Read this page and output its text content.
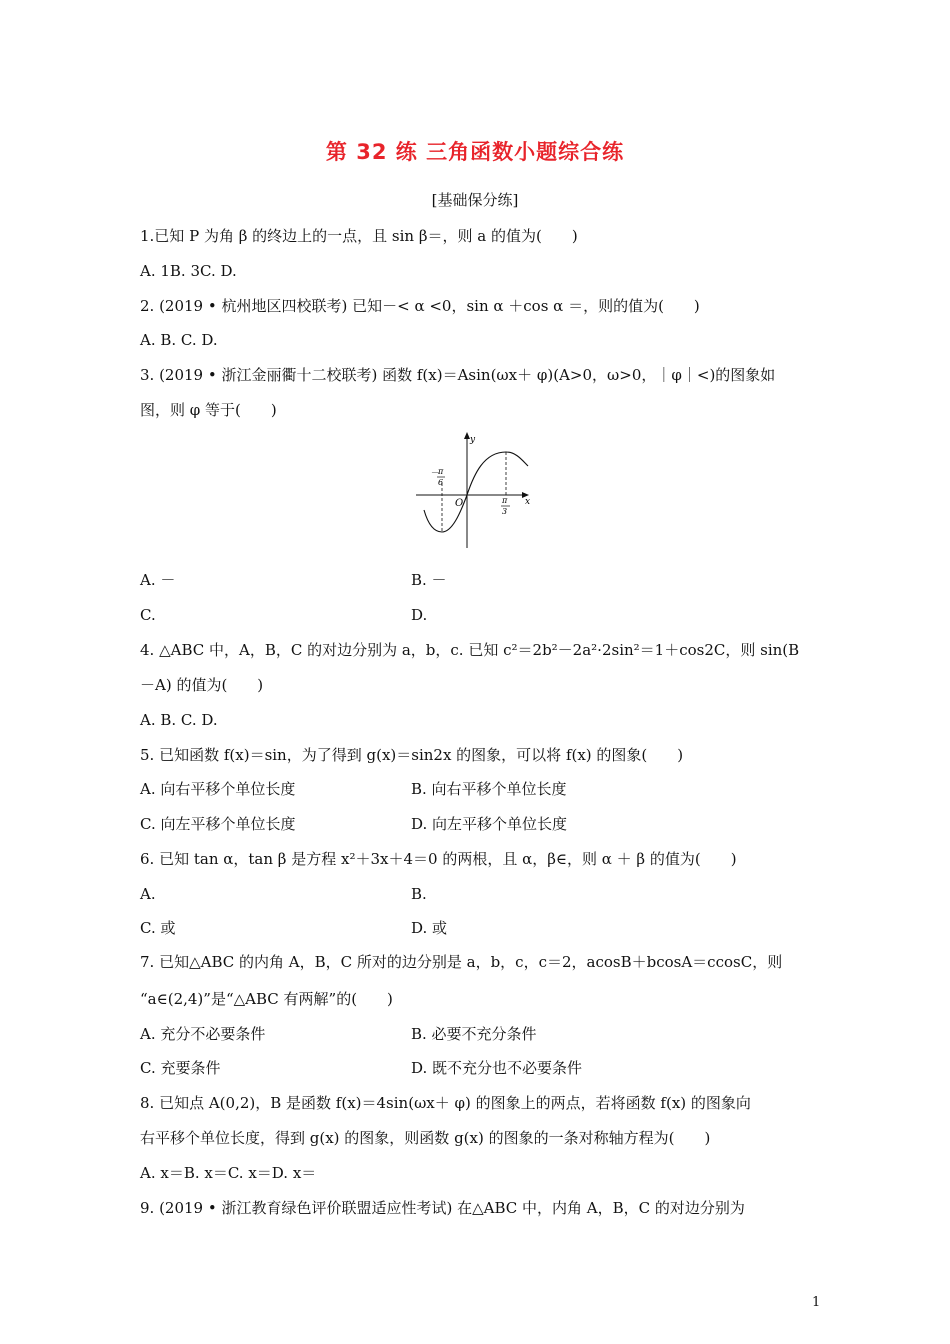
第 32 练 三角函数小题综合练
[基础保分练]
1.已知 P 为角 β 的终边上的一点，且 sin β＝，则 a 的值为(　　)
A. 1B. 3C. D.
2. (2019 • 杭州地区四校联考) 已知－< α <0，sin α ＋cos α ＝，则的值为(　　)
A. B. C. D.
3. (2019 • 浙江金丽衢十二校联考) 函数 f(x)＝Asin(ωx＋ φ)(A>0，ω>0，｜φ｜<)的图象如
图，则 φ 等于(　　)
y
x
O
－
π
6
π
3
A. －	B. －
C.	D.
4. △ABC 中，A，B，C 的对边分别为 a，b，c. 已知 c²＝2b²－2a²·2sin²＝1＋cos2C，则 sin(B
－A) 的值为(　　)
A. B. C. D.
5. 已知函数 f(x)＝sin，为了得到 g(x)＝sin2x 的图象，可以将 f(x) 的图象(　　)
A. 向右平移个单位长度	B. 向右平移个单位长度
C. 向左平移个单位长度	D. 向左平移个单位长度
6. 已知 tan α，tan β 是方程 x²＋3x＋4＝0 的两根，且 α，β∈，则 α ＋ β 的值为(　　)
A.	B.
C. 或	D. 或
7. 已知△ABC 的内角 A，B，C 所对的边分别是 a，b，c，c＝2，acosB＋bcosA＝ccosC，则
“a∈(2,4)”是“△ABC 有两解”的(　　)
A. 充分不必要条件	B. 必要不充分条件
C. 充要条件	D. 既不充分也不必要条件
8. 已知点 A(0,2)，B 是函数 f(x)＝4sin(ωx＋ φ) 的图象上的两点，若将函数 f(x) 的图象向
右平移个单位长度，得到 g(x) 的图象，则函数 g(x) 的图象的一条对称轴方程为(　　)
A. x＝B. x＝C. x＝D. x＝
9. (2019 • 浙江教育绿色评价联盟适应性考试) 在△ABC 中，内角 A，B，C 的对边分别为
1
